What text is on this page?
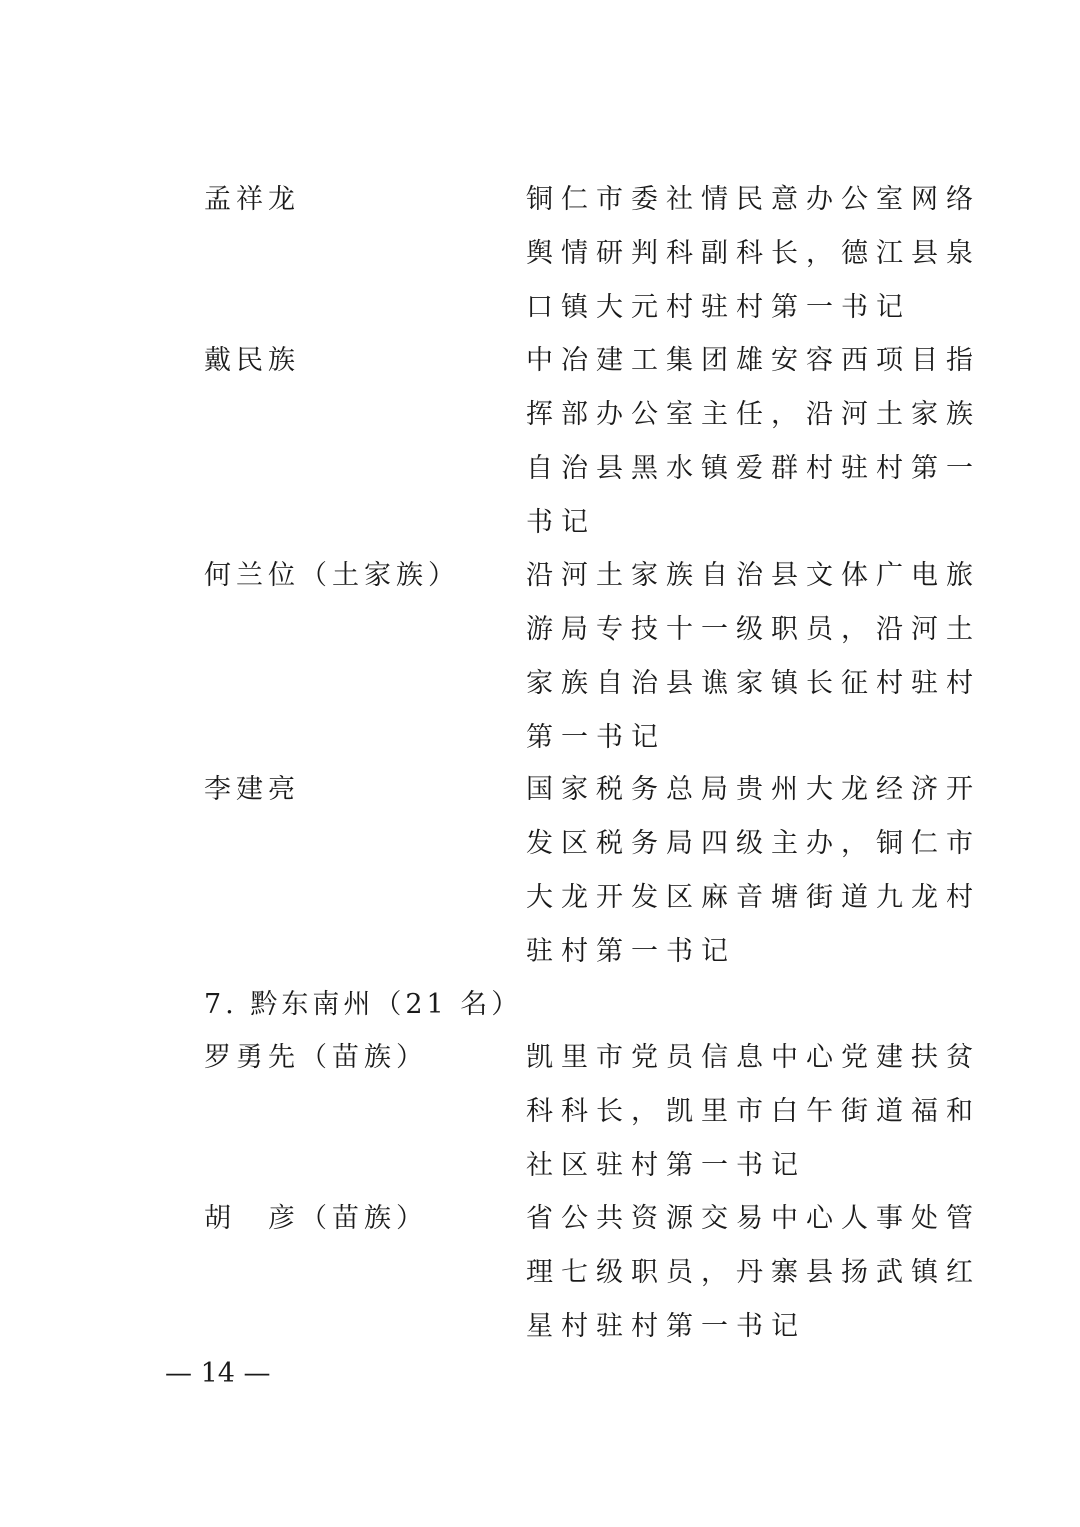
孟祥龙	铜仁市委社情民意办公室网络
舆情研判科副科长，德江县泉
口镇大元村驻村第一书记
戴民族	中冶建工集团雄安容西项目指
挥部办公室主任，沿河土家族
自治县黑水镇爱群村驻村第一
书记
何兰位（土家族） 沿河土家族自治县文体广电旅
游局专技十一级职员，沿河土
家族自治县谯家镇长征村驻村
第一书记
李建亮	国家税务总局贵州大龙经济开
发区税务局四级主办，铜仁市
大龙开发区麻音塘街道九龙村
驻村第一书记
7. 黔东南州（21 名）
罗勇先（苗族）	凯里市党员信息中心党建扶贫
科科长，凯里市白午街道福和
社区驻村第一书记
胡　彦（苗族）	省公共资源交易中心人事处管
理七级职员，丹寨县扬武镇红
星村驻村第一书记
— 14 —
